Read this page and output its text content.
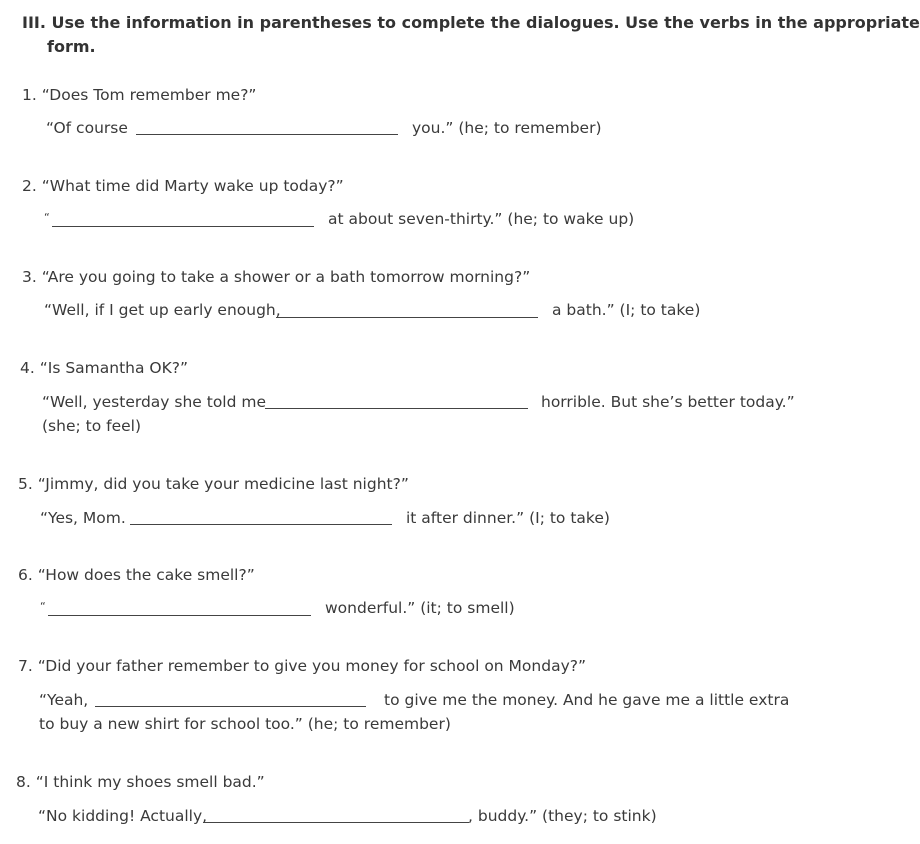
III. Use the information in parentheses to complete the dialogues. Use the verbs in the appropriate
form.
1. “Does Tom remember me?”
“Of course	you.” (he; to remember)
2. “What time did Marty wake up today?”
“	at about seven-thirty.” (he; to wake up)
3. “Are you going to take a shower or a bath tomorrow morning?”
“Well, if I get up early enough,	a bath.” (I; to take)
4. “Is Samantha OK?”
“Well, yesterday she told me	horrible. But she’s better today.”
(she; to feel)
5. “Jimmy, did you take your medicine last night?”
“Yes, Mom.	it after dinner.” (I; to take)
6. “How does the cake smell?”
“	wonderful.” (it; to smell)
7. “Did your father remember to give you money for school on Monday?”
“Yeah,	to give me the money. And he gave me a little extra
to buy a new shirt for school too.” (he; to remember)
8. “I think my shoes smell bad.”
“No kidding! Actually,	, buddy.” (they; to stink)
